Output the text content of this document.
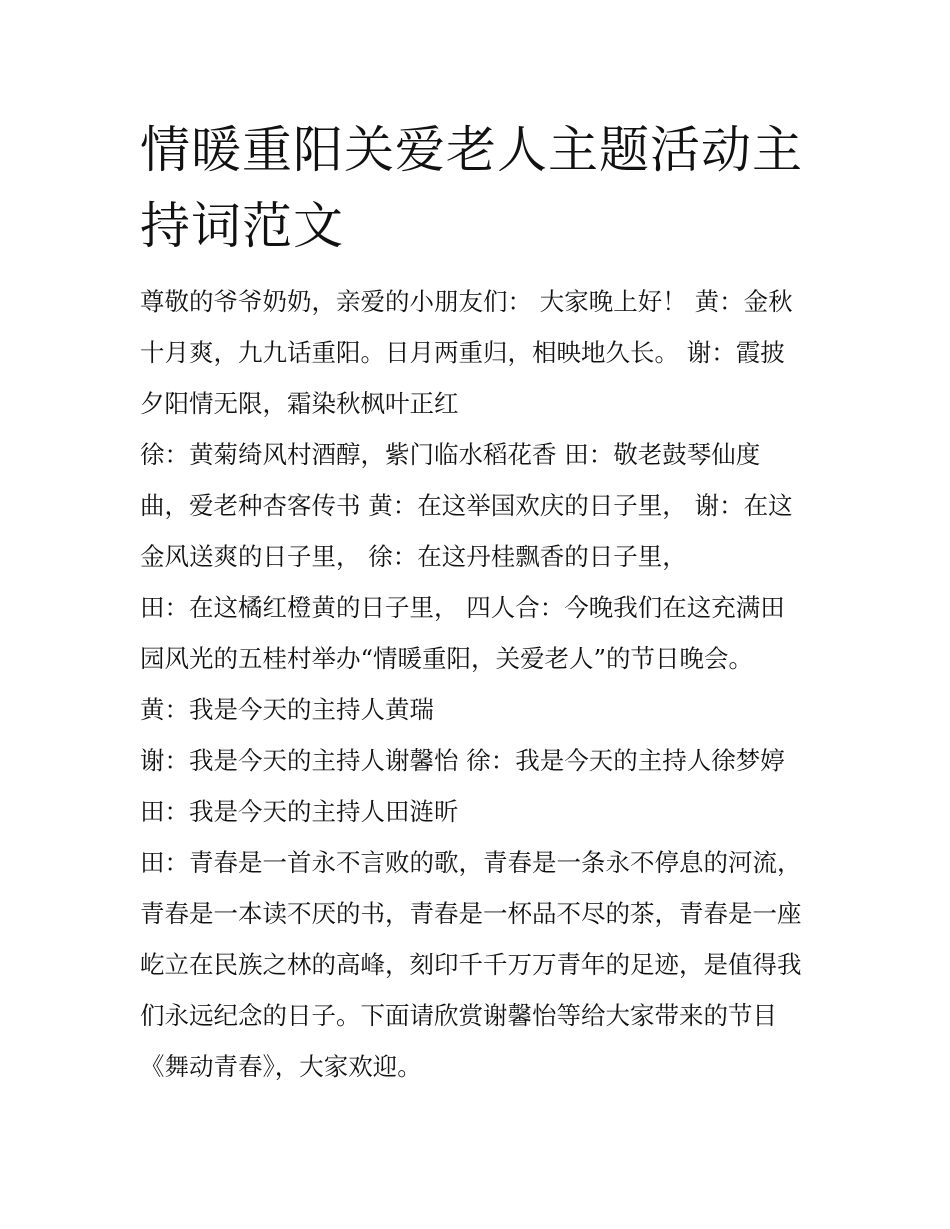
情暖重阳关爱老人主题活动主持词范文
尊敬的爷爷奶奶，亲爱的小朋友们： 大家晚上好！ 黄：金秋
十月爽，九九话重阳。日月两重归，相映地久长。 谢：霞披
夕阳情无限，霜染秋枫叶正红
徐：黄菊绮风村酒醇，紫门临水稻花香 田：敬老鼓琴仙度
曲，爱老种杏客传书 黄：在这举国欢庆的日子里， 谢：在这
金风送爽的日子里， 徐：在这丹桂飘香的日子里，
田：在这橘红橙黄的日子里， 四人合：今晚我们在这充满田
园风光的五桂村举办“情暖重阳，关爱老人”的节日晚会。
黄：我是今天的主持人黄瑞
谢：我是今天的主持人谢馨怡 徐：我是今天的主持人徐梦婷
田：我是今天的主持人田涟昕
田：青春是一首永不言败的歌，青春是一条永不停息的河流，
青春是一本读不厌的书，青春是一杯品不尽的茶，青春是一座
屹立在民族之林的高峰，刻印千千万万青年的足迹，是值得我
们永远纪念的日子。下面请欣赏谢馨怡等给大家带来的节目
《舞动青春》，大家欢迎。
